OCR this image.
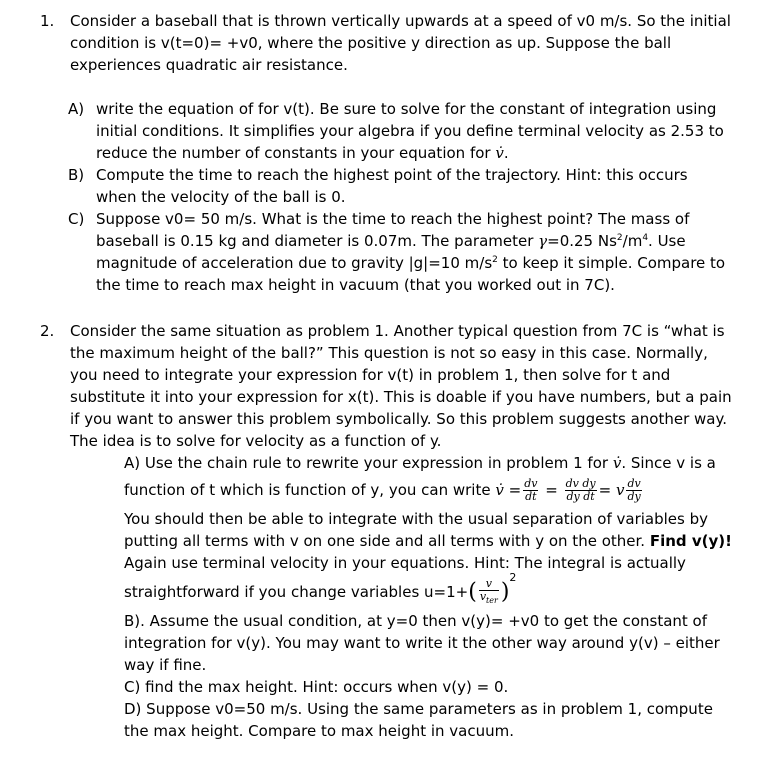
1. Consider a baseball that is thrown vertically upwards at a speed of v0 m/s. So the initial
condition is v(t=0)= +v0, where the positive y direction as up. Suppose the ball
experiences quadratic air resistance.
A) write the equation of for v(t). Be sure to solve for the constant of integration using
initial conditions. It simplifies your algebra if you define terminal velocity as 2.53 to
reduce the number of constants in your equation for v̇.
B) Compute the time to reach the highest point of the trajectory. Hint: this occurs
when the velocity of the ball is 0.
C) Suppose v0= 50 m/s. What is the time to reach the highest point? The mass of
baseball is 0.15 kg and diameter is 0.07m. The parameter γ=0.25 $Ns^2/m^4$. Use
magnitude of acceleration due to gravity |g|=10 $m/s^2$ to keep it simple. Compare to
the time to reach max height in vacuum (that you worked out in 7C).
2. Consider the same situation as problem 1. Another typical question from 7C is “what is
the maximum height of the ball?” This question is not so easy in this case. Normally,
you need to integrate your expression for v(t) in problem 1, then solve for t and
substitute it into your expression for x(t). This is doable if you have numbers, but a pain
if you want to answer this problem symbolically. So this problem suggests another way.
The idea is to solve for velocity as a function of y.
A) Use the chain rule to rewrite your expression in problem 1 for v̇. Since v is a
function of t which is function of y, you can write v̇ = $\frac{dv}{dt} = \frac{\text{dv dy}}{\text{dy dt}} = v \frac{dv}{dy}$
You should then be able to integrate with the usual separation of variables by
putting all terms with v on one side and all terms with y on the other. Find v(y)!
Again use terminal velocity in your equations. Hint: The integral is actually
straightforward if you change variables $u=1+( \frac{v}{v_{ter}} )^2$
B). Assume the usual condition, at y=0 then v(y)= +v0 to get the constant of
integration for v(y). You may want to write it the other way around y(v) – either
way if fine.
C) find the max height. Hint: occurs when v(y) = 0.
D) Suppose v0=50 m/s. Using the same parameters as in problem 1, compute
the max height. Compare to max height in vacuum.
